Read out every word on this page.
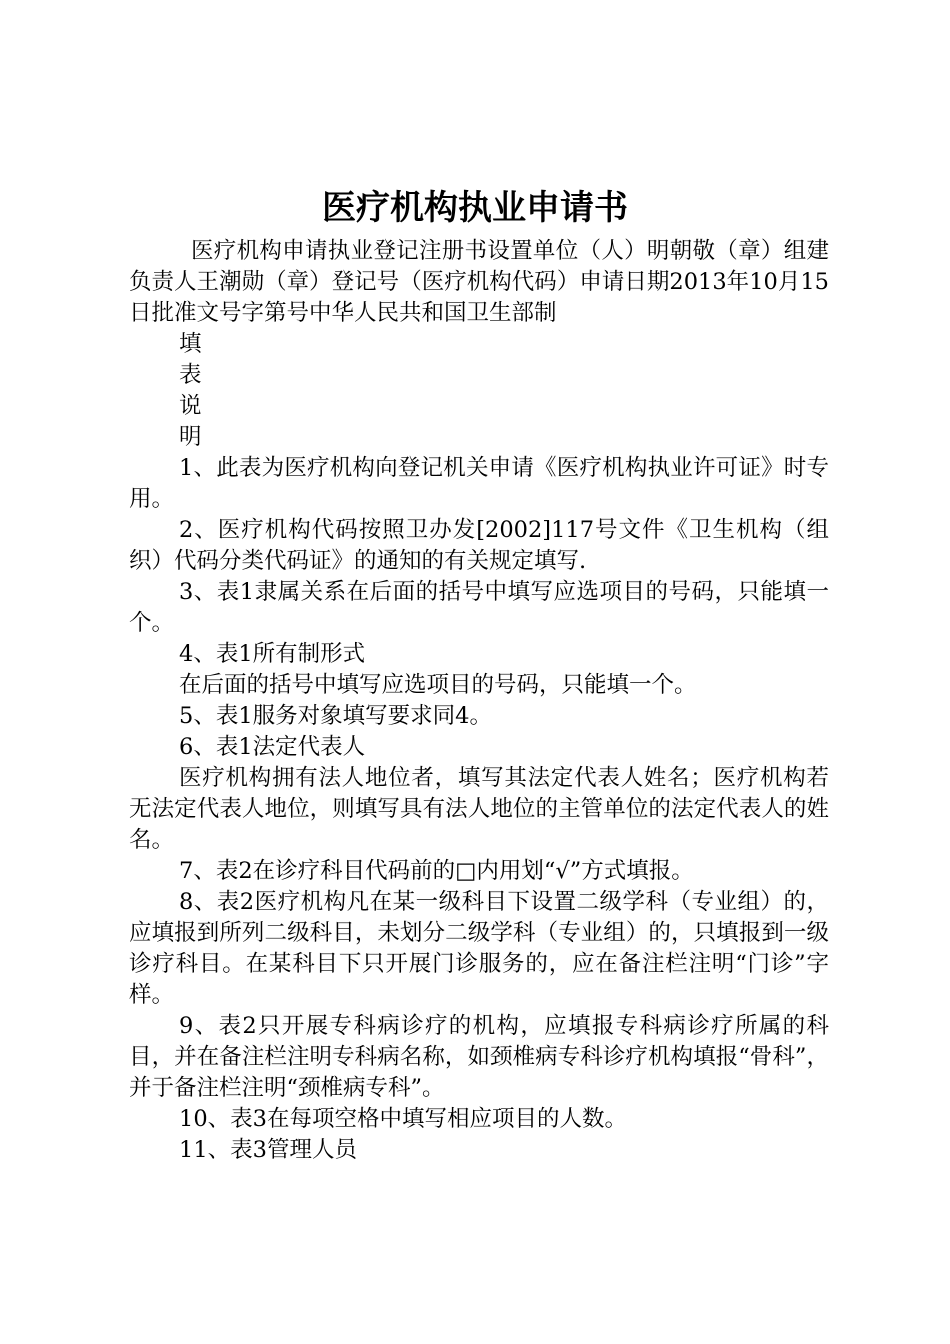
医疗机构执业申请书

医疗机构申请执业登记注册书设置单位（人）明朝敬（章）组建负责人王潮勋（章）登记号（医疗机构代码）申请日期2013年10月15日批准文号字第号中华人民共和国卫生部制

填

表

说

明

1、此表为医疗机构向登记机关申请《医疗机构执业许可证》时专用。

2、医疗机构代码按照卫办发[2002]117号文件《卫生机构（组织）代码分类代码证》的通知的有关规定填写.

3、表1隶属关系在后面的括号中填写应选项目的号码，只能填一个。

4、表1所有制形式

在后面的括号中填写应选项目的号码，只能填一个。

5、表1服务对象填写要求同4。

6、表1法定代表人

医疗机构拥有法人地位者，填写其法定代表人姓名；医疗机构若无法定代表人地位，则填写具有法人地位的主管单位的法定代表人的姓名。

7、表2在诊疗科目代码前的□内用划“√”方式填报。

8、表2医疗机构凡在某一级科目下设置二级学科（专业组）的，应填报到所列二级科目，未划分二级学科（专业组）的，只填报到一级诊疗科目。在某科目下只开展门诊服务的，应在备注栏注明“门诊”字样。

9、表2只开展专科病诊疗的机构，应填报专科病诊疗所属的科目，并在备注栏注明专科病名称，如颈椎病专科诊疗机构填报“骨科”，并于备注栏注明“颈椎病专科”。

10、表3在每项空格中填写相应项目的人数。

11、表3管理人员
